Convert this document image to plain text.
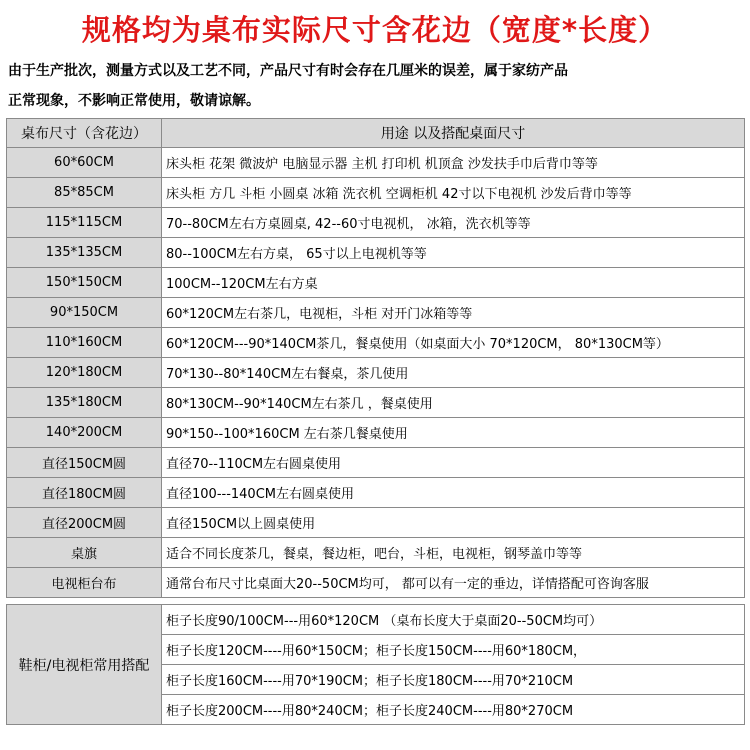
规格均为桌布实际尺寸含花边（宽度*长度）
由于生产批次，测量方式以及工艺不同，产品尺寸有时会存在几厘米的误差，属于家纺产品
正常现象，不影响正常使用，敬请谅解。
桌布尺寸（含花边）	用途 以及搭配桌面尺寸
60*60CM	床头柜 花架 微波炉 电脑显示器 主机 打印机 机顶盒 沙发扶手巾后背巾等等
85*85CM	床头柜 方几 斗柜 小圆桌 冰箱 洗衣机 空调柜机 42寸以下电视机 沙发后背巾等等
115*115CM	70--80CM左右方桌圆桌, 42--60寸电视机， 冰箱，洗衣机等等
135*135CM	80--100CM左右方桌， 65寸以上电视机等等
150*150CM	100CM--120CM左右方桌
90*150CM	60*120CM左右茶几，电视柜，斗柜 对开门冰箱等等
110*160CM	60*120CM---90*140CM茶几，餐桌使用（如桌面大小 70*120CM， 80*130CM等）
120*180CM	70*130--80*140CM左右餐桌，茶几使用
135*180CM	80*130CM--90*140CM左右茶几 ，餐桌使用
140*200CM	90*150--100*160CM 左右茶几餐桌使用
直径150CM圆	直径70--110CM左右圆桌使用
直径180CM圆	直径100---140CM左右圆桌使用
直径200CM圆	直径150CM以上圆桌使用
桌旗	适合不同长度茶几，餐桌，餐边柜，吧台，斗柜，电视柜，钢琴盖巾等等
电视柜台布	通常台布尺寸比桌面大20--50CM均可， 都可以有一定的垂边，详情搭配可咨询客服

鞋柜/电视柜常用搭配	柜子长度90/100CM---用60*120CM （桌布长度大于桌面20--50CM均可）
	柜子长度120CM----用60*150CM；柜子长度150CM----用60*180CM，
	柜子长度160CM----用70*190CM；柜子长度180CM----用70*210CM
	柜子长度200CM----用80*240CM；柜子长度240CM----用80*270CM
